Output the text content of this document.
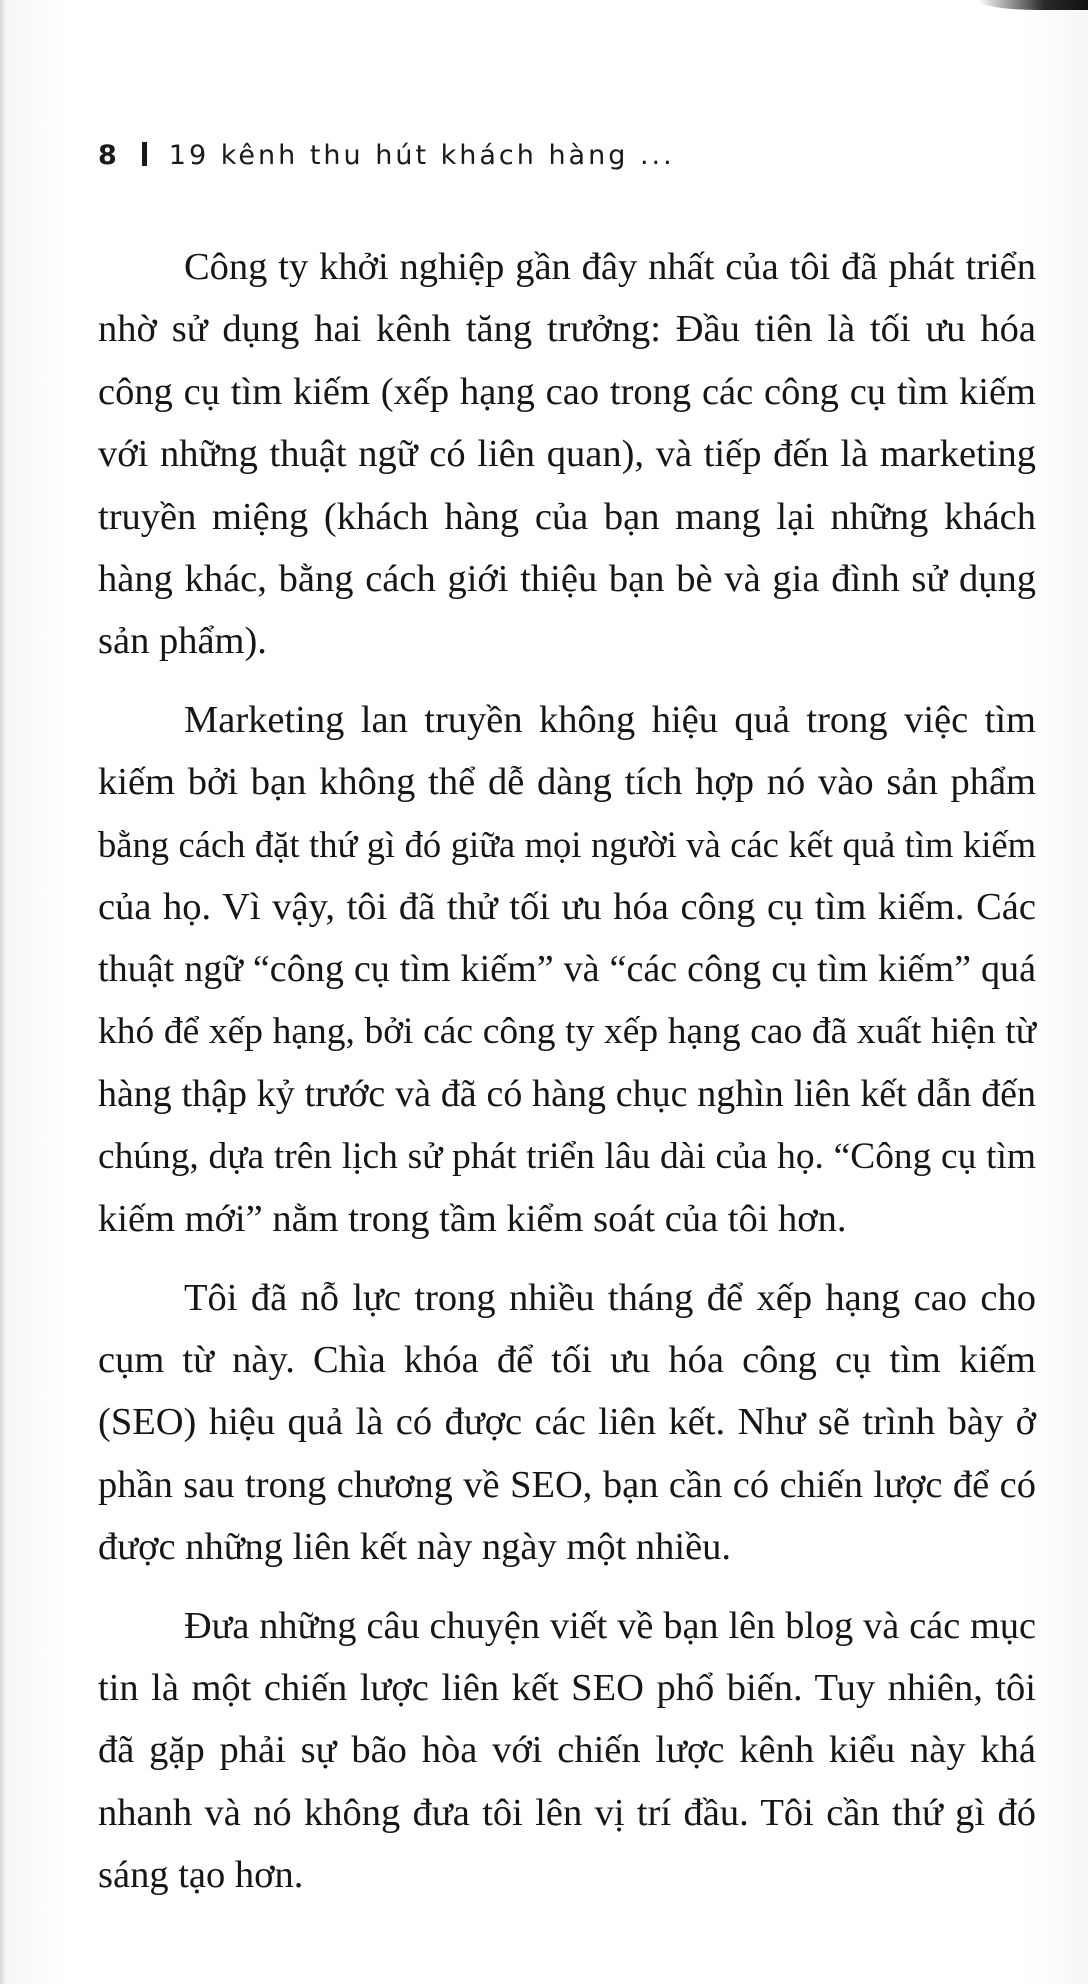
8 19 kênh thu hút khách hàng ...
Công ty khởi nghiệp gần đây nhất của tôi đã phát triển
nhờ sử dụng hai kênh tăng trưởng: Đầu tiên là tối ưu hóa
công cụ tìm kiếm (xếp hạng cao trong các công cụ tìm kiếm
với những thuật ngữ có liên quan), và tiếp đến là marketing
truyền miệng (khách hàng của bạn mang lại những khách
hàng khác, bằng cách giới thiệu bạn bè và gia đình sử dụng
sản phẩm).
Marketing lan truyền không hiệu quả trong việc tìm
kiếm bởi bạn không thể dễ dàng tích hợp nó vào sản phẩm
bằng cách đặt thứ gì đó giữa mọi người và các kết quả tìm kiếm
của họ. Vì vậy, tôi đã thử tối ưu hóa công cụ tìm kiếm. Các
thuật ngữ “công cụ tìm kiếm” và “các công cụ tìm kiếm” quá
khó để xếp hạng, bởi các công ty xếp hạng cao đã xuất hiện từ
hàng thập kỷ trước và đã có hàng chục nghìn liên kết dẫn đến
chúng, dựa trên lịch sử phát triển lâu dài của họ. “Công cụ tìm
kiếm mới” nằm trong tầm kiểm soát của tôi hơn.
Tôi đã nỗ lực trong nhiều tháng để xếp hạng cao cho
cụm từ này. Chìa khóa để tối ưu hóa công cụ tìm kiếm
(SEO) hiệu quả là có được các liên kết. Như sẽ trình bày ở
phần sau trong chương về SEO, bạn cần có chiến lược để có
được những liên kết này ngày một nhiều.
Đưa những câu chuyện viết về bạn lên blog và các mục
tin là một chiến lược liên kết SEO phổ biến. Tuy nhiên, tôi
đã gặp phải sự bão hòa với chiến lược kênh kiểu này khá
nhanh và nó không đưa tôi lên vị trí đầu. Tôi cần thứ gì đó
sáng tạo hơn.
